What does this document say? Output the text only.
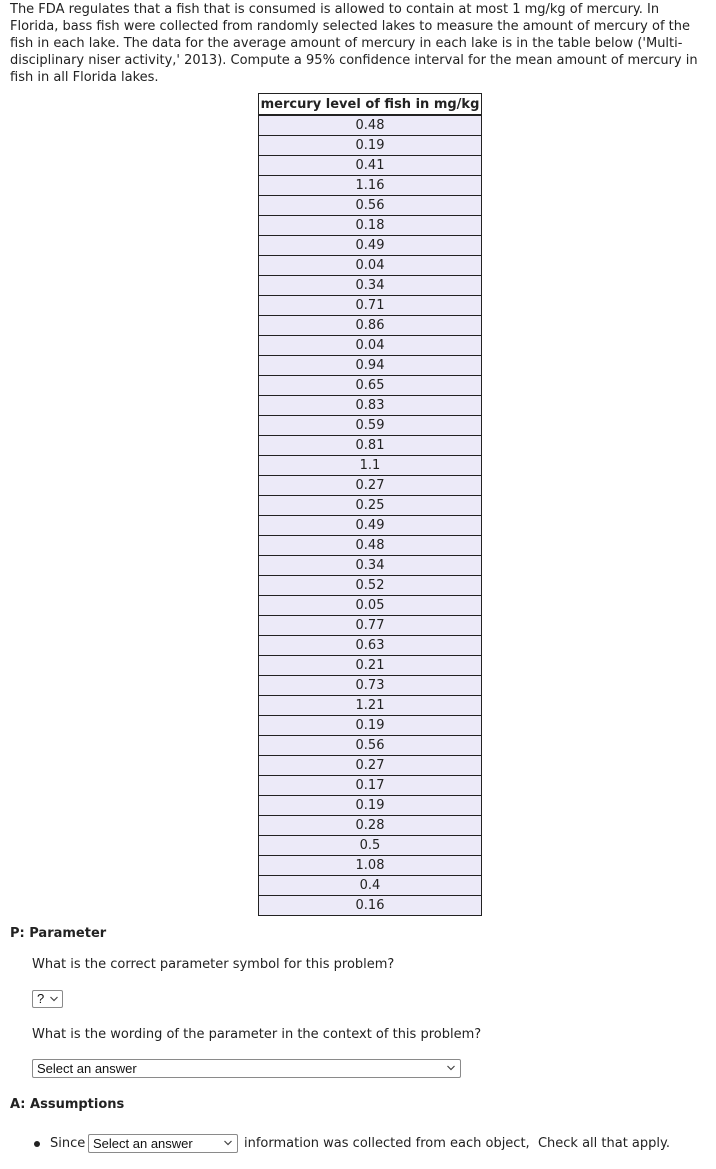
The FDA regulates that a fish that is consumed is allowed to contain at most 1 mg/kg of mercury. In Florida, bass fish were collected from randomly selected lakes to measure the amount of mercury of the fish in each lake. The data for the average amount of mercury in each lake is in the table below ('Multi-disciplinary niser activity,' 2013). Compute a 95% confidence interval for the mean amount of mercury in fish in all Florida lakes.

mercury level of fish in mg/kg
0.48
0.19
0.41
1.16
0.56
0.18
0.49
0.04
0.34
0.71
0.86
0.04
0.94
0.65
0.83
0.59
0.81
1.1
0.27
0.25
0.49
0.48
0.34
0.52
0.05
0.77
0.63
0.21
0.73
1.21
0.19
0.56
0.27
0.17
0.19
0.28
0.5
1.08
0.4
0.16
P: Parameter

What is the correct parameter symbol for this problem?

?

What is the wording of the parameter in the context of this problem?

Select an answer
A: Assumptions
Since Select an answer	information was collected from each object,  Check all that apply.
